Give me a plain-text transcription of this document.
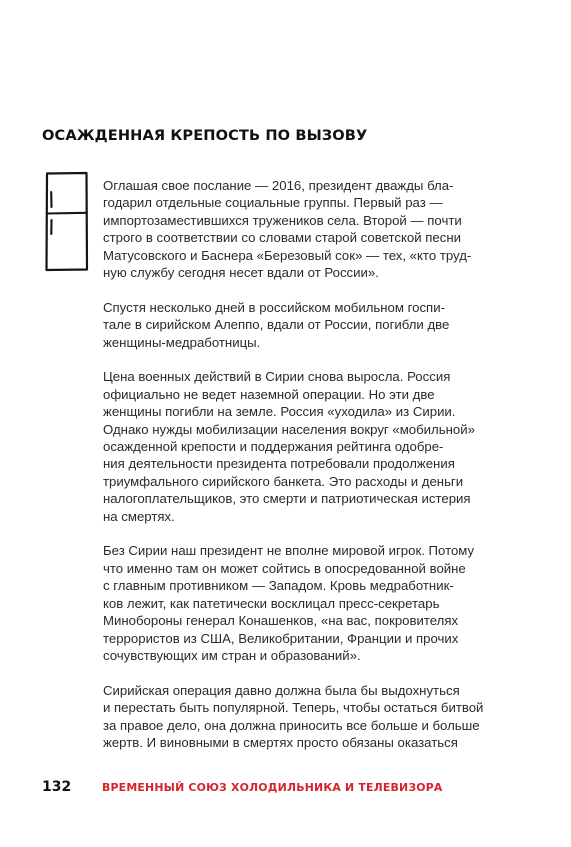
ОСАЖДЕННАЯ КРЕПОСТЬ ПО ВЫЗОВУ

Оглашая свое послание — 2016, президент дважды бла-
годарил отдельные социальные группы. Первый раз —
импортозаместившихся тружеников села. Второй — почти
строго в соответствии со словами старой советской песни
Матусовского и Баснера «Березовый сок» — тех, «кто труд-
ную службу сегодня несет вдали от России».

Спустя несколько дней в российском мобильном госпи-
тале в сирийском Алеппо, вдали от России, погибли две
женщины-медработницы.

Цена военных действий в Сирии снова выросла. Россия
официально не ведет наземной операции. Но эти две
женщины погибли на земле. Россия «уходила» из Сирии.
Однако нужды мобилизации населения вокруг «мобильной»
осажденной крепости и поддержания рейтинга одобре-
ния деятельности президента потребовали продолжения
триумфального сирийского банкета. Это расходы и деньги
налогоплательщиков, это смерти и патриотическая истерия
на смертях.

Без Сирии наш президент не вполне мировой игрок. Потому
что именно там он может сойтись в опосредованной войне
с главным противником — Западом. Кровь медработник-
ков лежит, как патетически восклицал пресс-секретарь
Минобороны генерал Конашенков, «на вас, покровителях
террористов из США, Великобритании, Франции и прочих
сочувствующих им стран и образований».

Сирийская операция давно должна была бы выдохнуться
и перестать быть популярной. Теперь, чтобы остаться битвой
за правое дело, она должна приносить все больше и больше
жертв. И виновными в смертях просто обязаны оказаться

132	ВРЕМЕННЫЙ СОЮЗ ХОЛОДИЛЬНИКА И ТЕЛЕВИЗОРА
